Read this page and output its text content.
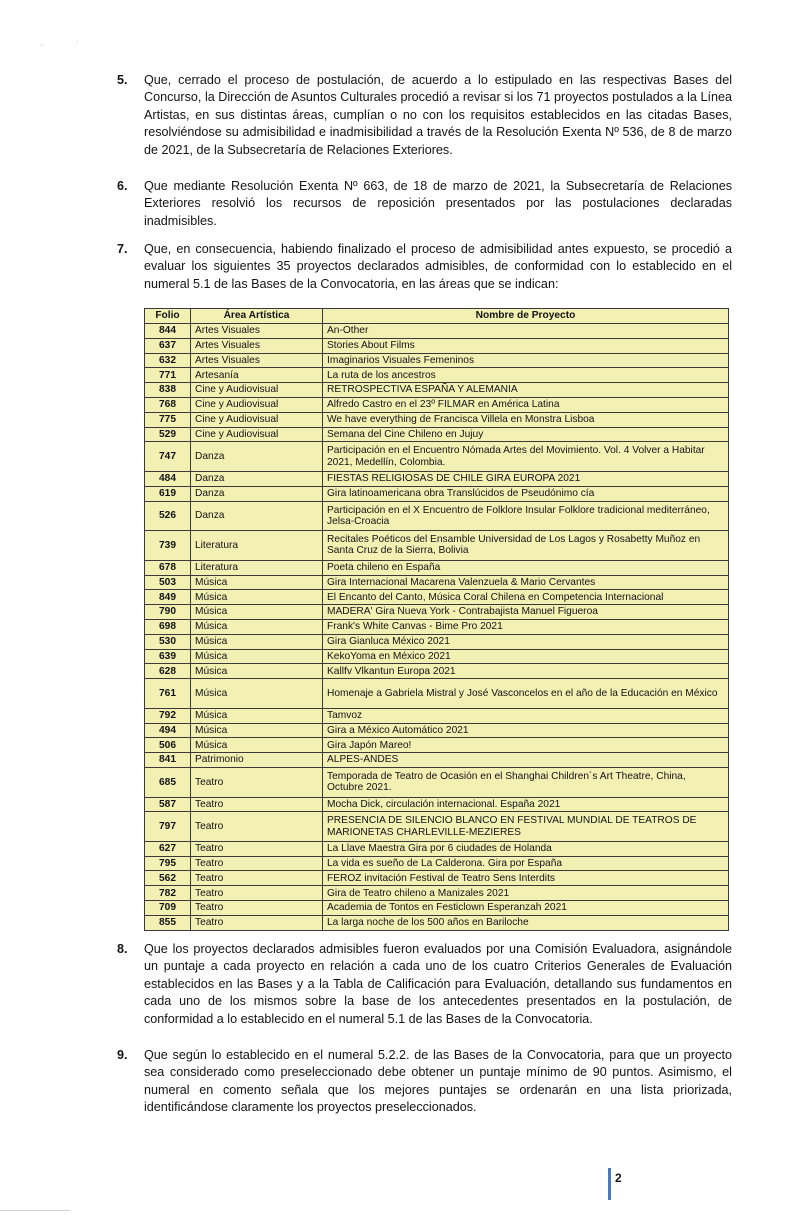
-
.
5. Que, cerrado el proceso de postulación, de acuerdo a lo estipulado en las respectivas Bases del Concurso, la Dirección de Asuntos Culturales procedió a revisar si los 71 proyectos postulados a la Línea Artistas, en sus distintas áreas, cumplían o no con los requisitos establecidos en las citadas Bases, resolviéndose su admisibilidad e inadmisibilidad a través de la Resolución Exenta Nº 536, de 8 de marzo de 2021, de la Subsecretaría de Relaciones Exteriores.
6. Que mediante Resolución Exenta Nº 663, de 18 de marzo de 2021, la Subsecretaría de Relaciones Exteriores resolvió los recursos de reposición presentados por las postulaciones declaradas inadmisibles.
7. Que, en consecuencia, habiendo finalizado el proceso de admisibilidad antes expuesto, se procedió a evaluar los siguientes 35 proyectos declarados admisibles, de conformidad con lo establecido en el numeral 5.1 de las Bases de la Convocatoria, en las áreas que se indican:
Folio	Área Artística	Nombre de Proyecto
844	Artes Visuales	An-Other
637	Artes Visuales	Stories About Films
632	Artes Visuales	Imaginarios Visuales Femeninos
771	Artesanía	La ruta de los ancestros
838	Cine y Audiovisual	RETROSPECTIVA ESPAÑA Y ALEMANIA
768	Cine y Audiovisual	Alfredo Castro en el 23º FILMAR en América Latina
775	Cine y Audiovisual	We have everything de Francisca Villela en Monstra Lisboa
529	Cine y Audiovisual	Semana del Cine Chileno en Jujuy
747	Danza	Participación en el Encuentro Nómada Artes del Movimiento. Vol. 4 Volver a Habitar 2021, Medellín, Colombia.
484	Danza	FIESTAS RELIGIOSAS DE CHILE GIRA EUROPA 2021
619	Danza	Gira latinoamericana obra Translúcidos de Pseudónimo cía
526	Danza	Participación en el X Encuentro de Folklore Insular Folklore tradicional mediterráneo, Jelsa-Croacia
739	Literatura	Recitales Poéticos del Ensamble Universidad de Los Lagos y Rosabetty Muñoz en Santa Cruz de la Sierra, Bolivia
678	Literatura	Poeta chileno en España
503	Música	Gira Internacional Macarena Valenzuela & Mario Cervantes
849	Música	El Encanto del Canto, Música Coral Chilena en Competencia Internacional
790	Música	MADERA' Gira Nueva York - Contrabajista Manuel Figueroa
698	Música	Frank's White Canvas - Bime Pro 2021
530	Música	Gira Gianluca México 2021
639	Música	KekoYoma en México 2021
628	Música	Kallfv Vlkantun Europa 2021
761	Música	Homenaje a Gabriela Mistral y José Vasconcelos en el año de la Educación en México
792	Música	Tamvoz
494	Música	Gira a México Automático 2021
506	Música	Gira Japón Mareo!
841	Patrimonio	ALPES-ANDES
685	Teatro	Temporada de Teatro de Ocasión en el Shanghai Children´s Art Theatre, China, Octubre 2021.
587	Teatro	Mocha Dick, circulación internacional. España 2021
797	Teatro	PRESENCIA DE SILENCIO BLANCO EN FESTIVAL MUNDIAL DE TEATROS DE MARIONETAS CHARLEVILLE-MEZIERES
627	Teatro	La Llave Maestra Gira por 6 ciudades de Holanda
795	Teatro	La vida es sueño de La Calderona. Gira por España
562	Teatro	FEROZ invitación Festival de Teatro Sens Interdits
782	Teatro	Gira de Teatro chileno a Manizales 2021
709	Teatro	Academia de Tontos en Festiclown Esperanzah 2021
855	Teatro	La larga noche de los 500 años en Bariloche
8. Que los proyectos declarados admisibles fueron evaluados por una Comisión Evaluadora, asignándole un puntaje a cada proyecto en relación a cada uno de los cuatro Criterios Generales de Evaluación establecidos en las Bases y a la Tabla de Calificación para Evaluación, detallando sus fundamentos en cada uno de los mismos sobre la base de los antecedentes presentados en la postulación, de conformidad a lo establecido en el numeral 5.1 de las Bases de la Convocatoria.
9. Que según lo establecido en el numeral 5.2.2. de las Bases de la Convocatoria, para que un proyecto sea considerado como preseleccionado debe obtener un puntaje mínimo de 90 puntos. Asimismo, el numeral en comento señala que los mejores puntajes se ordenarán en una lista priorizada, identificándose claramente los proyectos preseleccionados.
2
